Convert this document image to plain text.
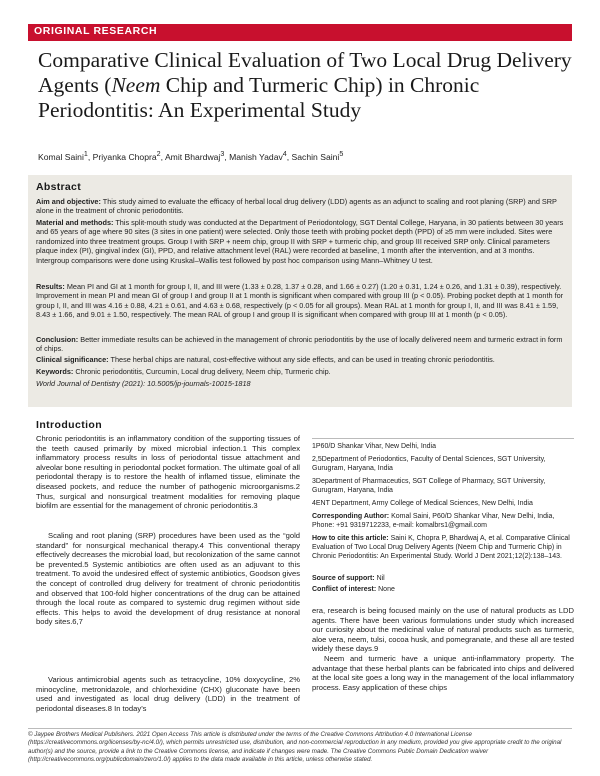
ORIGINAL RESEARCH
Comparative Clinical Evaluation of Two Local Drug Delivery Agents (Neem Chip and Turmeric Chip) in Chronic Periodontitis: An Experimental Study
Komal Saini$^1$, Priyanka Chopra$^2$, Amit Bhardwaj$^3$, Manish Yadav$^4$, Sachin Saini$^5$
Abstract
Aim and objective: This study aimed to evaluate the efficacy of herbal local drug delivery (LDD) agents as an adjunct to scaling and root planing (SRP) and SRP alone in the treatment of chronic periodontitis.
Material and methods: This split-mouth study was conducted at the Department of Periodontology, SGT Dental College, Haryana, in 30 patients between 30 years and 65 years of age where 90 sites (3 sites in one patient) were selected. Only those teeth with probing pocket depth (PPD) of ≥5 mm were included. Sites were randomized into three treatment groups. Group I with SRP + neem chip, group II with SRP + turmeric chip, and group III received SRP only. Clinical parameters plaque index (PI), gingival index (GI), PPD, and relative attachment level (RAL) were recorded at baseline, 1 month after the intervention, and at 3 months. Intergroup comparisons were done using Kruskal–Wallis test followed by post hoc comparison using Mann–Whitney U test.
Results: Mean PI and GI at 1 month for group I, II, and III were (1.33 ± 0.28, 1.37 ± 0.28, and 1.66 ± 0.27) (1.20 ± 0.31, 1.24 ± 0.26, and 1.31 ± 0.39), respectively. Improvement in mean PI and mean GI of group I and group II at 1 month is significant when compared with group III (p < 0.05). Probing pocket depth at 1 month for group I, II, and III was 4.16 ± 0.88, 4.21 ± 0.61, and 4.63 ± 0.68, respectively (p < 0.05 for all groups). Mean RAL at 1 month for group I, II, and III was 8.41 ± 1.59, 8.43 ± 1.66, and 9.01 ± 1.50, respectively. The mean RAL of group I and group II is significant when compared with group III at 1 month (p < 0.05).
Conclusion: Better immediate results can be achieved in the management of chronic periodontitis by the use of locally delivered neem and turmeric extract in form of chips.
Clinical significance: These herbal chips are natural, cost-effective without any side effects, and can be used in treating chronic periodontitis.
Keywords: Chronic periodontitis, Curcumin, Local drug delivery, Neem chip, Turmeric chip.
World Journal of Dentistry (2021): 10.5005/jp-journals-10015-1818
Introduction
Chronic periodontitis is an inflammatory condition of the supporting tissues of the teeth caused primarily by mixed microbial infection.1 This complex inflammatory process results in loss of periodontal tissue attachment and alveolar bone resulting in periodontal pocket formation. The ultimate goal of all periodontal therapy is to restore the health of inflamed tissue, eliminate the diseased pockets, and reduce the number of pathogenic microorganisms.2 Thus, surgical and nonsurgical treatment modalities for removing plaque biofilm are essential for the management of chronic periodontitis.3
Scaling and root planing (SRP) procedures have been used as the “gold standard” for nonsurgical mechanical therapy.4 This conventional therapy effectively decreases the microbial load, but recolonization of the same cannot be prevented.5 Systemic antibiotics are often used as an adjuvant to this treatment. To avoid the undesired effect of systemic antibiotics, Goodson gives the concept of controlled drug delivery for treatment of chronic periodontitis and observed that 100-fold higher concentrations of the drug can be attained through the local route as compared to systemic drug regimen without side effects. This helps to avoid the development of drug resistance at nonoral body sites.6,7
Various antimicrobial agents such as tetracycline, 10% doxycycline, 2% minocycline, metronidazole, and chlorhexidine (CHX) gluconate have been used and investigated as local drug delivery (LDD) in the treatment of periodontal diseases.8 In today’s
1P60/D Shankar Vihar, New Delhi, India
2,5Department of Periodontics, Faculty of Dental Sciences, SGT University, Gurugram, Haryana, India
3Department of Pharmaceutics, SGT College of Pharmacy, SGT University, Gurugram, Haryana, India
4ENT Department, Army College of Medical Sciences, New Delhi, India
Corresponding Author: Komal Saini, P60/D Shankar Vihar, New Delhi, India, Phone: +91 9319712233, e-mail: komalbrs1@gmail.com
How to cite this article: Saini K, Chopra P, Bhardwaj A, et al. Comparative Clinical Evaluation of Two Local Drug Delivery Agents (Neem Chip and Turmeric Chip) in Chronic Periodontitis: An Experimental Study. World J Dent 2021;12(2):138–143.
Source of support: Nil
Conflict of interest: None
era, research is being focused mainly on the use of natural products as LDD agents. There have been various formulations under study which increased our curiosity about the medicinal value of natural products such as turmeric, aloe vera, neem, tulsi, cocoa husk, and pomegranate, and these all are tested widely these days.9
Neem and turmeric have a unique anti-inflammatory property. The advantage that these herbal plants can be fabricated into chips and delivered at the local site goes a long way in the management of the local inflammatory process. Easy application of these chips
© Jaypee Brothers Medical Publishers. 2021 Open Access This article is distributed under the terms of the Creative Commons Attribution 4.0 International License (https://creativecommons.org/licenses/by-nc/4.0/), which permits unrestricted use, distribution, and non-commercial reproduction in any medium, provided you give appropriate credit to the original author(s) and the source, provide a link to the Creative Commons license, and indicate if changes were made. The Creative Commons Public Domain Dedication waiver (http://creativecommons.org/publicdomain/zero/1.0/) applies to the data made available in this article, unless otherwise stated.
